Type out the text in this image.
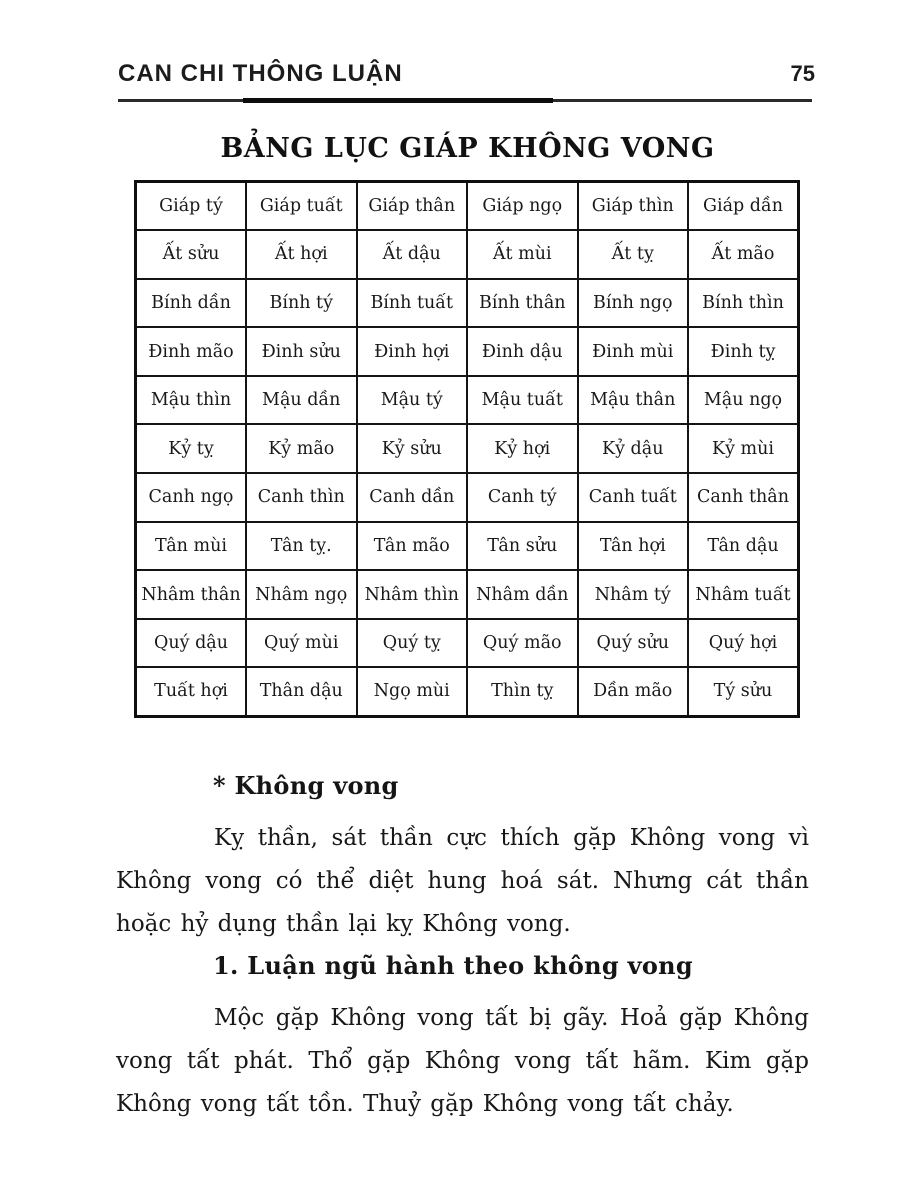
CAN CHI THÔNG LUẬN	75
BẢNG LỤC GIÁP KHÔNG VONG
Giáp tý	Giáp tuất	Giáp thân	Giáp ngọ	Giáp thìn	Giáp dần
Ất sửu	Ất hợi	Ất dậu	Ất mùi	Ất tỵ	Ất mão
Bính dần	Bính tý	Bính tuất	Bính thân	Bính ngọ	Bính thìn
Đinh mão	Đinh sửu	Đinh hợi	Đinh dậu	Đinh mùi	Đinh tỵ
Mậu thìn	Mậu dần	Mậu tý	Mậu tuất	Mậu thân	Mậu ngọ
Kỷ tỵ	Kỷ mão	Kỷ sửu	Kỷ hợi	Kỷ dậu	Kỷ mùi
Canh ngọ	Canh thìn	Canh dần	Canh tý	Canh tuất	Canh thân
Tân mùi	Tân tỵ.	Tân mão	Tân sửu	Tân hợi	Tân dậu
Nhâm thân	Nhâm ngọ	Nhâm thìn	Nhâm dần	Nhâm tý	Nhâm tuất
Quý dậu	Quý mùi	Quý tỵ	Quý mão	Quý sửu	Quý hợi
Tuất hợi	Thân dậu	Ngọ mùi	Thìn tỵ	Dần mão	Tý sửu
* Không vong

Kỵ thần, sát thần cực thích gặp Không vong vì Không vong có thể diệt hung hoá sát. Nhưng cát thần hoặc hỷ dụng thần lại kỵ Không vong.

1. Luận ngũ hành theo không vong

Mộc gặp Không vong tất bị gãy. Hoả gặp Không vong tất phát. Thổ gặp Không vong tất hãm. Kim gặp Không vong tất tồn. Thuỷ gặp Không vong tất chảy.
